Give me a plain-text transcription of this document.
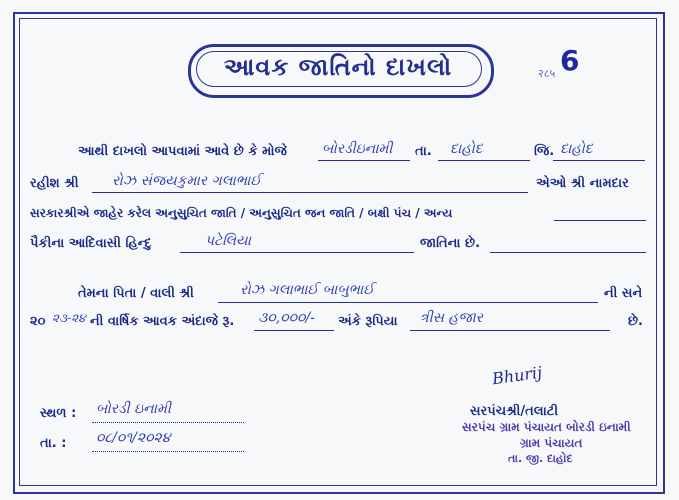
આવક જાતિનો દાખલો	6
२८५
આથી દાખલો આપવામાં આવે છે કે મોજે	બોરડીઇનામી તા. દાહોદ	જિ. દાહોદ
રહીશ શ્રી રોઝ સંજયકુમાર ગલાભાઈ	એઓ શ્રી નામદાર
સરકારશ્રીએ જાહેર કરેલ અનુસુચિત જાતિ / અનુસુચિત જન જાતિ / બક્ષી પંચ / અન્ય
પૈકીના આદિવાસી હિન્દુ	પટેલિયા	જાતિના છે.
તેમના પિતા / વાલી શ્રી	રોઝ ગલાભાઈ બાબુભાઈ	ની સને
૨૦ ૨૩-૨૪ ની વાર્ષિક આવક અંદાજે રૂ. ૩૦,૦૦૦/- અંકે રૂપિયા ત્રીસ હજાર	છે.
સ્થળ : બોરડી ઇનામી
તા. : ૦૮/૦૧/૨૦૨૪
Bhurij
સરપંચશ્રી/તલાટી
સરપંચ ગ્રામ પંચાયત બોરડી ઇનામી
ગ્રામ પંચાયત
તા. જી. દાહોદ
